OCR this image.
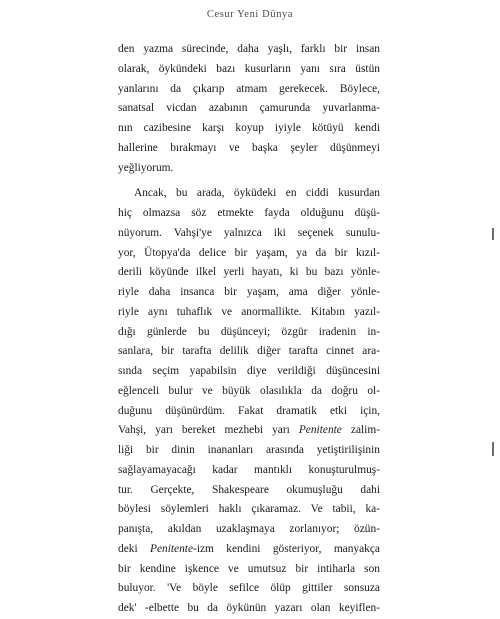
Cesur Yeni Dünya
den yazma sürecinde, daha yaşlı, farklı bir insan
olarak, öykündeki bazı kusurların yanı sıra üstün
yanlarını da çıkarıp atmam gerekecek. Böylece,
sanatsal vicdan azabının çamurunda yuvarlanma-
nın cazibesine karşı koyup iyiyle kötüyü kendi
hallerine bırakmayı ve başka şeyler düşünmeyi
yeğliyorum.
Ancak, bu arada, öyküdeki en ciddi kusurdan
hiç olmazsa söz etmekte fayda olduğunu düşü-
nüyorum. Vahşi'ye yalnızca iki seçenek sunulu-
yor, Ütopya'da delice bir yaşam, ya da bir kızıl-
derili köyünde ilkel yerli hayatı, ki bu bazı yönle-
riyle daha insanca bir yaşam, ama diğer yönle-
riyle aynı tuhaflık ve anormallikte. Kitabın yazıl-
dığı günlerde bu düşünceyi; özgür iradenin in-
sanlara, bir tarafta delilik diğer tarafta cinnet ara-
sında seçim yapabilsin diye verildiği düşüncesini
eğlenceli bulur ve büyük olasılıkla da doğru ol-
duğunu düşünürdüm. Fakat dramatik etki için,
Vahşi, yarı bereket mezhebi yarı Penitente zalim-
liği bir dinin inananları arasında yetiştirilişinin
sağlayamayacağı kadar mantıklı konuşturulmuş-
tur. Gerçekte, Shakespeare okumuşluğu dahi
böylesi söylemleri haklı çıkaramaz. Ve tabii, ka-
panışta, akıldan uzaklaşmaya zorlanıyor; özün-
deki Penitente-izm kendini gösteriyor, manyakça
bir kendine işkence ve umutsuz bir intiharla son
buluyor. 'Ve böyle sefilce ölüp gittiler sonsuza
dek' -elbette bu da öykünün yazarı olan keyiflen-
